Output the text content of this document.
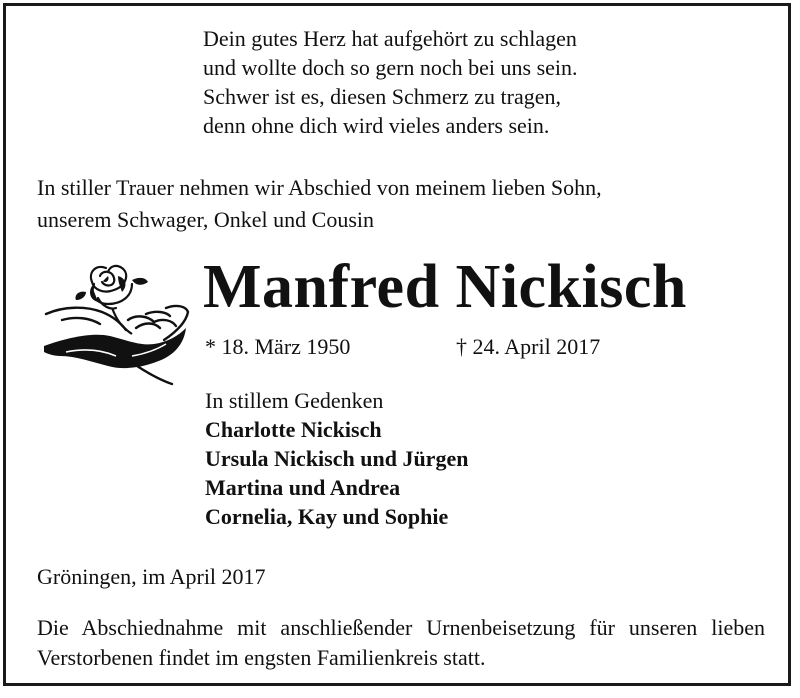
Dein gutes Herz hat aufgehört zu schlagen
und wollte doch so gern noch bei uns sein.
Schwer ist es, diesen Schmerz zu tragen,
denn ohne dich wird vieles anders sein.
In stiller Trauer nehmen wir Abschied von meinem lieben Sohn,
unserem Schwager, Onkel und Cousin
Manfred Nickisch
* 18. März 1950	† 24. April 2017
In stillem Gedenken
Charlotte Nickisch
Ursula Nickisch und Jürgen
Martina und Andrea
Cornelia, Kay und Sophie
Gröningen, im April 2017
Die Abschiednahme mit anschließender Urnenbeisetzung für unseren lieben Verstorbenen findet im engsten Familienkreis statt.
